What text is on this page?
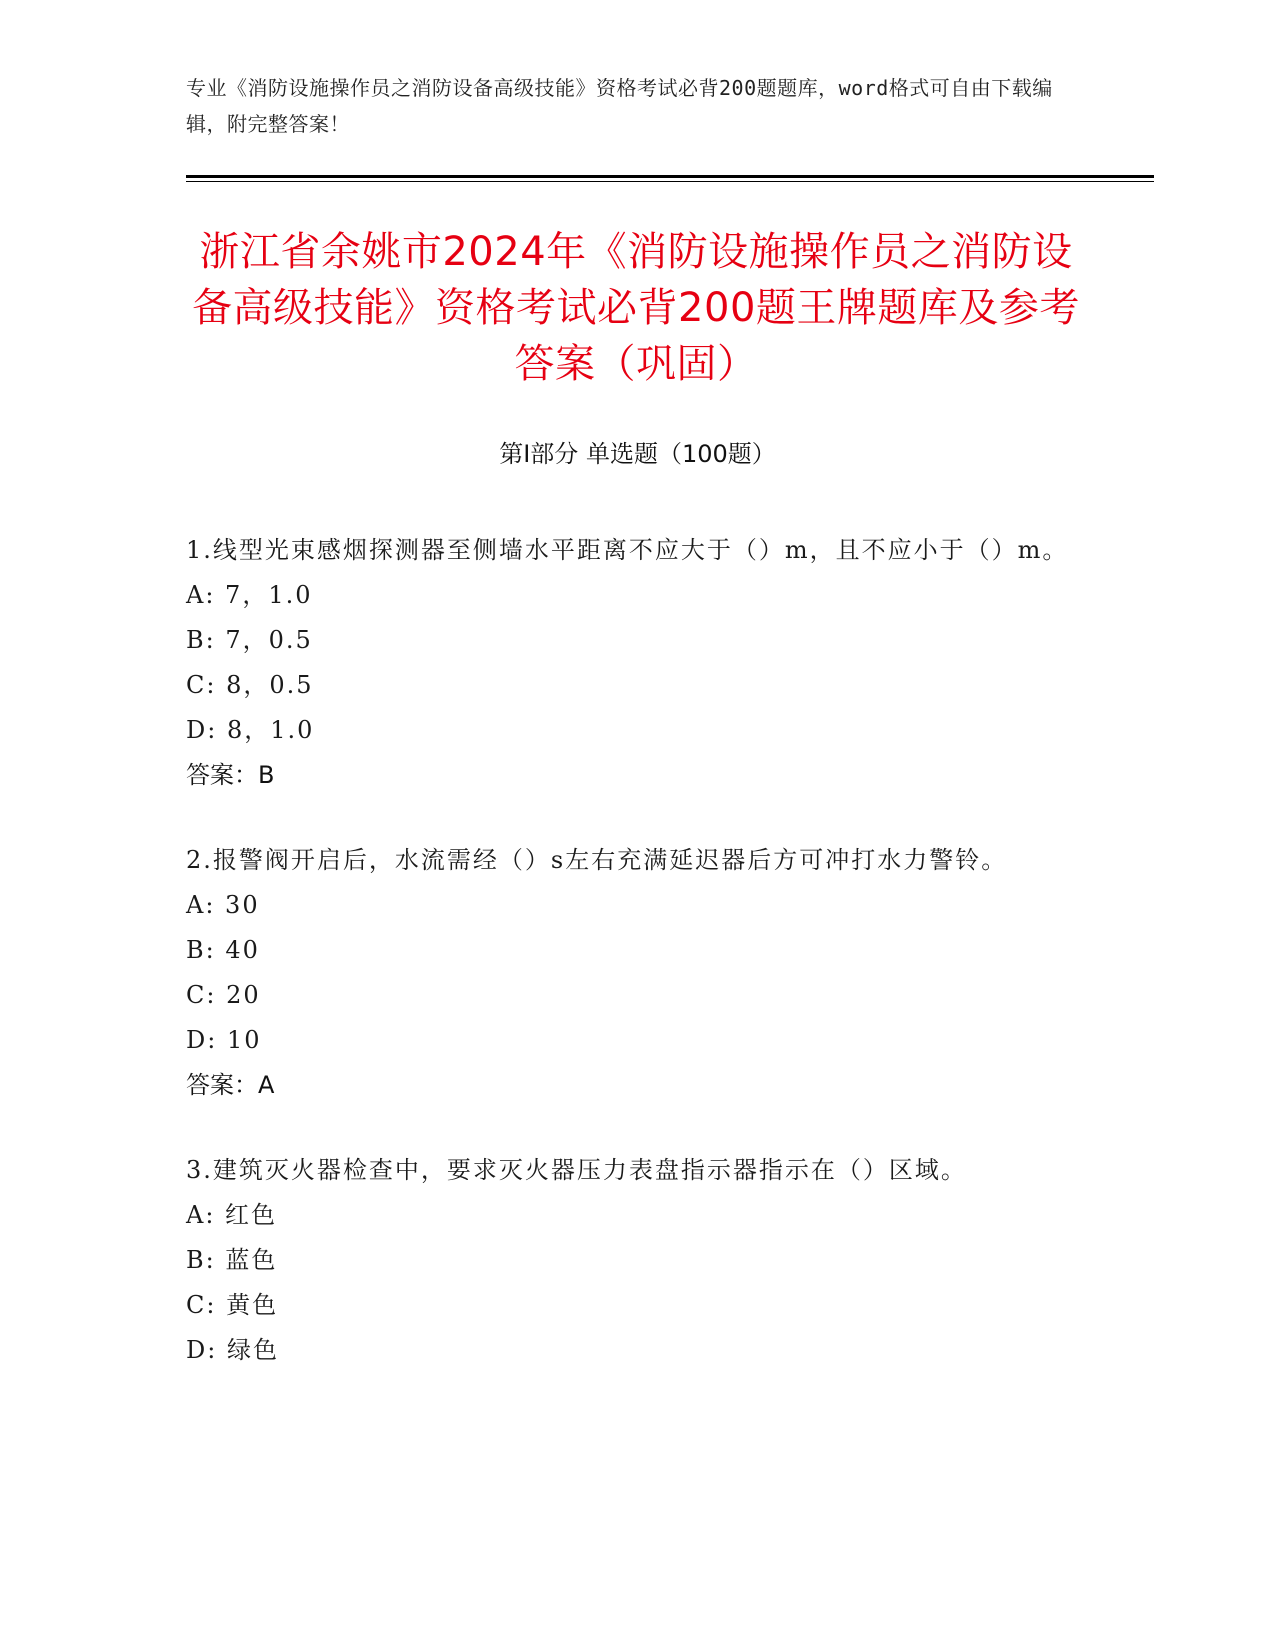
专业《消防设施操作员之消防设备高级技能》资格考试必背200题题库，word格式可自由下载编辑，附完整答案！
浙江省余姚市2024年《消防设施操作员之消防设备高级技能》资格考试必背200题王牌题库及参考答案（巩固）
第Ⅰ部分 单选题（100题）

1.线型光束感烟探测器至侧墙水平距离不应大于（）m，且不应小于（）m。

A: 7，1.0

B: 7，0.5

C: 8，0.5

D: 8，1.0

答案：B

2.报警阀开启后，水流需经（）s左右充满延迟器后方可冲打水力警铃。

A: 30

B: 40

C: 20

D: 10

答案：A

3.建筑灭火器检查中，要求灭火器压力表盘指示器指示在（）区域。

A: 红色

B: 蓝色

C: 黄色

D: 绿色
